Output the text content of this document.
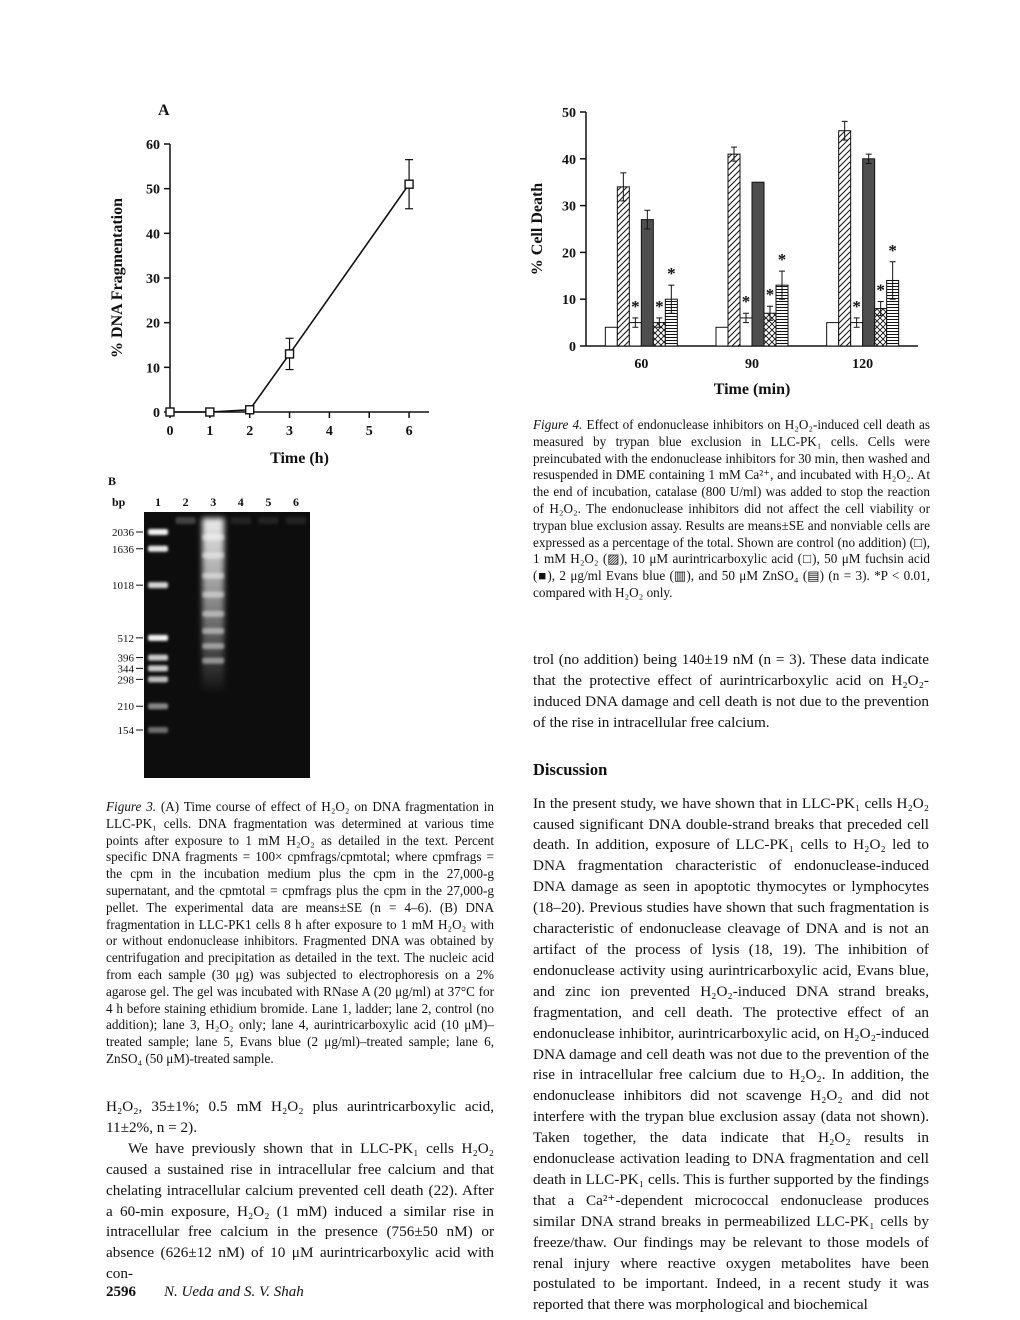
A
0
10
20
30
40
50
60
0 1 2 3 4 5 6
Time (h)
% DNA Fragmentation
B
bp 1 2 3 4 5 6
2036
1636
1018
512
396
344
298
210
154

Figure 3. (A) Time course of effect of H₂O₂ on DNA fragmentation in LLC-PK₁ cells. DNA fragmentation was determined at various time points after exposure to 1 mM H₂O₂ as detailed in the text. Percent specific DNA fragments = 100× cpmfrags/cpmtotal; where cpmfrags = the cpm in the incubation medium plus the cpm in the 27,000-g supernatant, and the cpmtotal = cpmfrags plus the cpm in the 27,000-g pellet. The experimental data are means±SE (n = 4–6). (B) DNA fragmentation in LLC-PK1 cells 8 h after exposure to 1 mM H₂O₂ with or without endonuclease inhibitors. Fragmented DNA was obtained by centrifugation and precipitation as detailed in the text. The nucleic acid from each sample (30 μg) was subjected to electrophoresis on a 2% agarose gel. The gel was incubated with RNase A (20 μg/ml) at 37°C for 4 h before staining ethidium bromide. Lane 1, ladder; lane 2, control (no addition); lane 3, H₂O₂ only; lane 4, aurintricarboxylic acid (10 μM)–treated sample; lane 5, Evans blue (2 μg/ml)–treated sample; lane 6, ZnSO₄ (50 μM)-treated sample.

H₂O₂, 35±1%; 0.5 mM H₂O₂ plus aurintricarboxylic acid, 11±2%, n = 2).

We have previously shown that in LLC-PK₁ cells H₂O₂ caused a sustained rise in intracellular free calcium and that chelating intracellular calcium prevented cell death (22). After a 60-min exposure, H₂O₂ (1 mM) induced a similar rise in intracellular free calcium in the presence (756±50 nM) or absence (626±12 nM) of 10 μM aurintricarboxylic acid with con-

0
10
20
30
40
50
60
* *
*
90
* *
*
120
*
*
*
Time (min)
% Cell Death

Figure 4. Effect of endonuclease inhibitors on H₂O₂-induced cell death as measured by trypan blue exclusion in LLC-PK₁ cells. Cells were preincubated with the endonuclease inhibitors for 30 min, then washed and resuspended in DME containing 1 mM Ca²⁺, and incubated with H₂O₂. At the end of incubation, catalase (800 U/ml) was added to stop the reaction of H₂O₂. The endonuclease inhibitors did not affect the cell viability or trypan blue exclusion assay. Results are means±SE and nonviable cells are expressed as a percentage of the total. Shown are control (no addition) (□), 1 mM H₂O₂ (▨), 10 μM aurintricarboxylic acid (□), 50 μM fuchsin acid (■), 2 μg/ml Evans blue (▥), and 50 μM ZnSO₄ (▤) (n = 3). *P < 0.01, compared with H₂O₂ only.

trol (no addition) being 140±19 nM (n = 3). These data indicate that the protective effect of aurintricarboxylic acid on H₂O₂-induced DNA damage and cell death is not due to the prevention of the rise in intracellular free calcium.

Discussion

In the present study, we have shown that in LLC-PK₁ cells H₂O₂ caused significant DNA double-strand breaks that preceded cell death. In addition, exposure of LLC-PK₁ cells to H₂O₂ led to DNA fragmentation characteristic of endonuclease-induced DNA damage as seen in apoptotic thymocytes or lymphocytes (18–20). Previous studies have shown that such fragmentation is characteristic of endonuclease cleavage of DNA and is not an artifact of the process of lysis (18, 19). The inhibition of endonuclease activity using aurintricarboxylic acid, Evans blue, and zinc ion prevented H₂O₂-induced DNA strand breaks, fragmentation, and cell death. The protective effect of an endonuclease inhibitor, aurintricarboxylic acid, on H₂O₂-induced DNA damage and cell death was not due to the prevention of the rise in intracellular free calcium due to H₂O₂. In addition, the endonuclease inhibitors did not scavenge H₂O₂ and did not interfere with the trypan blue exclusion assay (data not shown). Taken together, the data indicate that H₂O₂ results in endonuclease activation leading to DNA fragmentation and cell death in LLC-PK₁ cells. This is further supported by the findings that a Ca²⁺-dependent micrococcal endonuclease produces similar DNA strand breaks in permeabilized LLC-PK₁ cells by freeze/thaw. Our findings may be relevant to those models of renal injury where reactive oxygen metabolites have been postulated to be important. Indeed, in a recent study it was reported that there was morphological and biochemical

2596 N. Ueda and S. V. Shah
